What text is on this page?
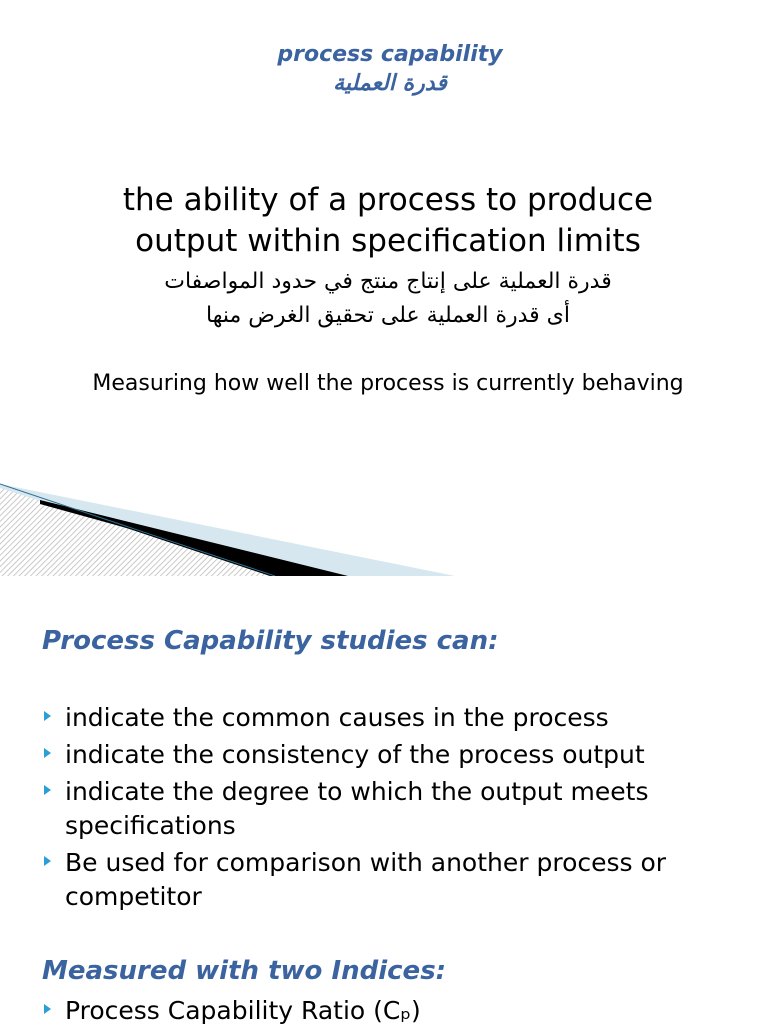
process capability
قدرة العملية
the ability of a process to produce output within specification limits
قدرة العملية على إنتاج منتج في حدود المواصفات
أى قدرة العملية على تحقيق الغرض منها
Measuring how well the process is currently behaving
Process Capability studies can:
indicate the common causes in the process
indicate the consistency of the process output
indicate the degree to which the output meets specifications
Be used for comparison with another process or competitor
Measured with two Indices:
Process Capability Ratio (Cₚ)
